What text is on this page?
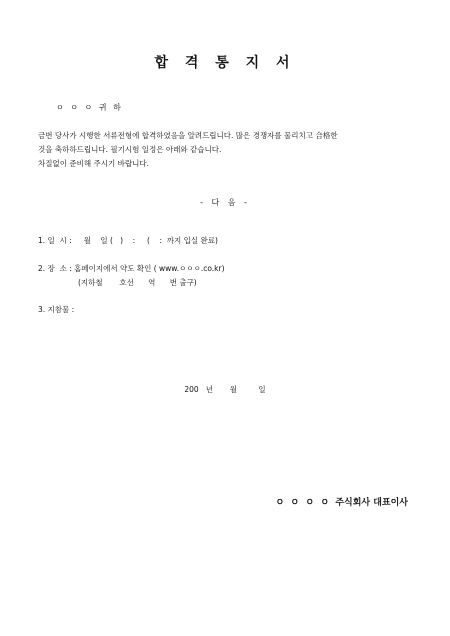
합 격 통 지 서
ㅇ ㅇ ㅇ 귀 하
금번 당사가 시행한 서류전형에 합격하였음을 알려드립니다. 많은 경쟁자를 물리치고 合格한
것을 축하하드립니다. 필기시험 일정은 아래와 같습니다.
차질없이 준비해 주시기 바랍니다.
- 다 음 -
1. 일  시 :     월    일 (   )    :     (    :  까지 입실 완료)
2. 장  소 : 홈페이지에서 약도 확인 ( www.ㅇㅇㅇ.co.kr)
(지하철       호선      역      번 출구)
3. 지참물 :
200   년       월         일
ㅇ  ㅇ  ㅇ  ㅇ  주식회사 대표이사
